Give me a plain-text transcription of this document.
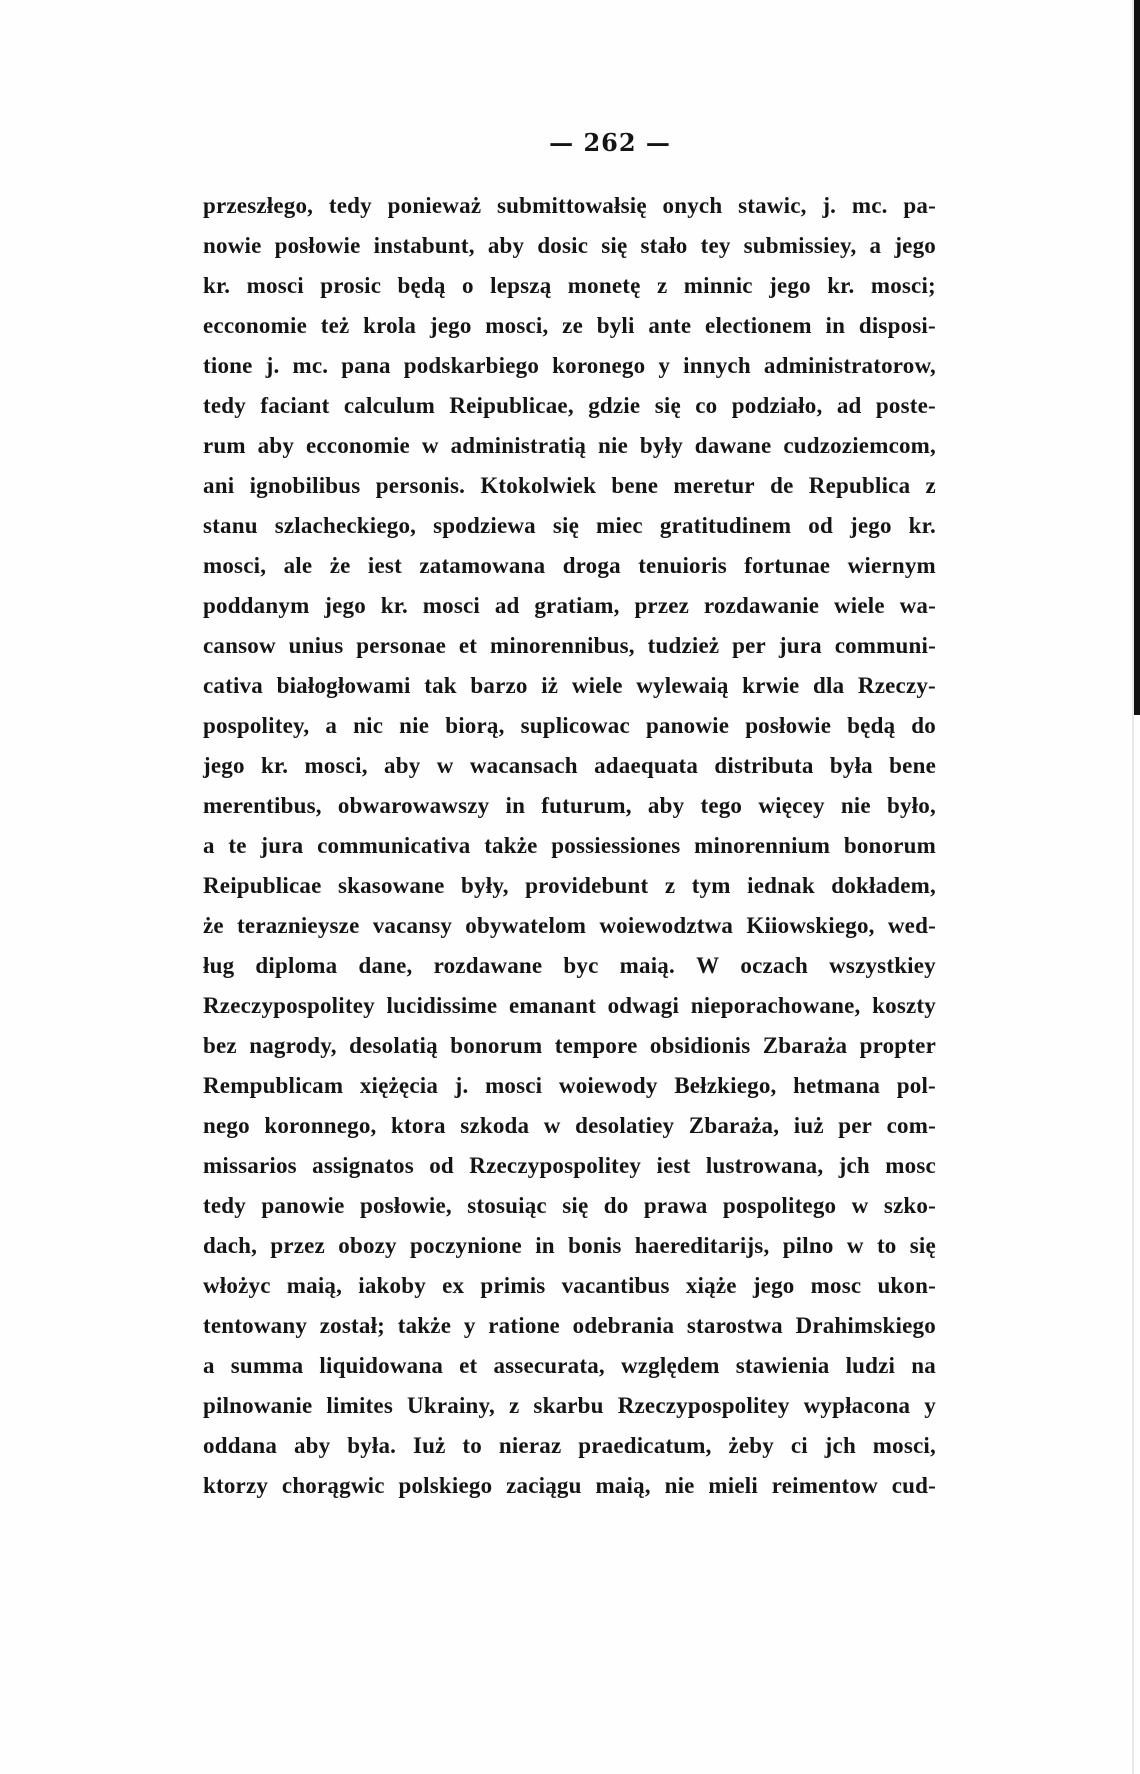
— 262 —
przeszłego, tedy ponieważ submittowałsię onych stawic, j. mc. pa-
nowie posłowie instabunt, aby dosic się stało tey submissiey, a jego
kr. mosci prosic będą o lepszą monetę z minnic jego kr. mosci;
ecconomie też krola jego mosci, ze byli ante electionem in disposi-
tione j. mc. pana podskarbiego koronego y innych administratorow,
tedy faciant calculum Reipublicae, gdzie się co podziało, ad poste-
rum aby ecconomie w administratią nie były dawane cudzoziemcom,
ani ignobilibus personis. Ktokolwiek bene meretur de Republica z
stanu szlacheckiego, spodziewa się miec gratitudinem od jego kr.
mosci, ale że iest zatamowana droga tenuioris fortunae wiernym
poddanym jego kr. mosci ad gratiam, przez rozdawanie wiele wa-
cansow unius personae et minorennibus, tudzież per jura communi-
cativa białogłowami tak barzo iż wiele wylewaią krwie dla Rzeczy-
pospolitey, a nic nie biorą, suplicowac panowie posłowie będą do
jego kr. mosci, aby w wacansach adaequata distributa była bene
merentibus, obwarowawszy in futurum, aby tego więcey nie było,
a te jura communicativa także possiessiones minorennium bonorum
Reipublicae skasowane były, providebunt z tym iednak dokładem,
że teraznieysze vacansy obywatelom woiewodztwa Kiiowskiego, wed-
ług diploma dane, rozdawane byc maią. W oczach wszystkiey
Rzeczypospolitey lucidissime emanant odwagi nieporachowane, koszty
bez nagrody, desolatią bonorum tempore obsidionis Zbaraża propter
Rempublicam xiężęcia j. mosci woiewody Bełzkiego, hetmana pol-
nego koronnego, ktora szkoda w desolatiey Zbaraża, iuż per com-
missarios assignatos od Rzeczypospolitey iest lustrowana, jch mosc
tedy panowie posłowie, stosuiąc się do prawa pospolitego w szko-
dach, przez obozy poczynione in bonis haereditarijs, pilno w to się
włożyc maią, iakoby ex primis vacantibus xiąże jego mosc ukon-
tentowany został; także y ratione odebrania starostwa Drahimskiego
a summa liquidowana et assecurata, względem stawienia ludzi na
pilnowanie limites Ukrainy, z skarbu Rzeczypospolitey wypłacona y
oddana aby była. Iuż to nieraz praedicatum, żeby ci jch mosci,
ktorzy chorągwic polskiego zaciągu maią, nie mieli reimentow cud-
